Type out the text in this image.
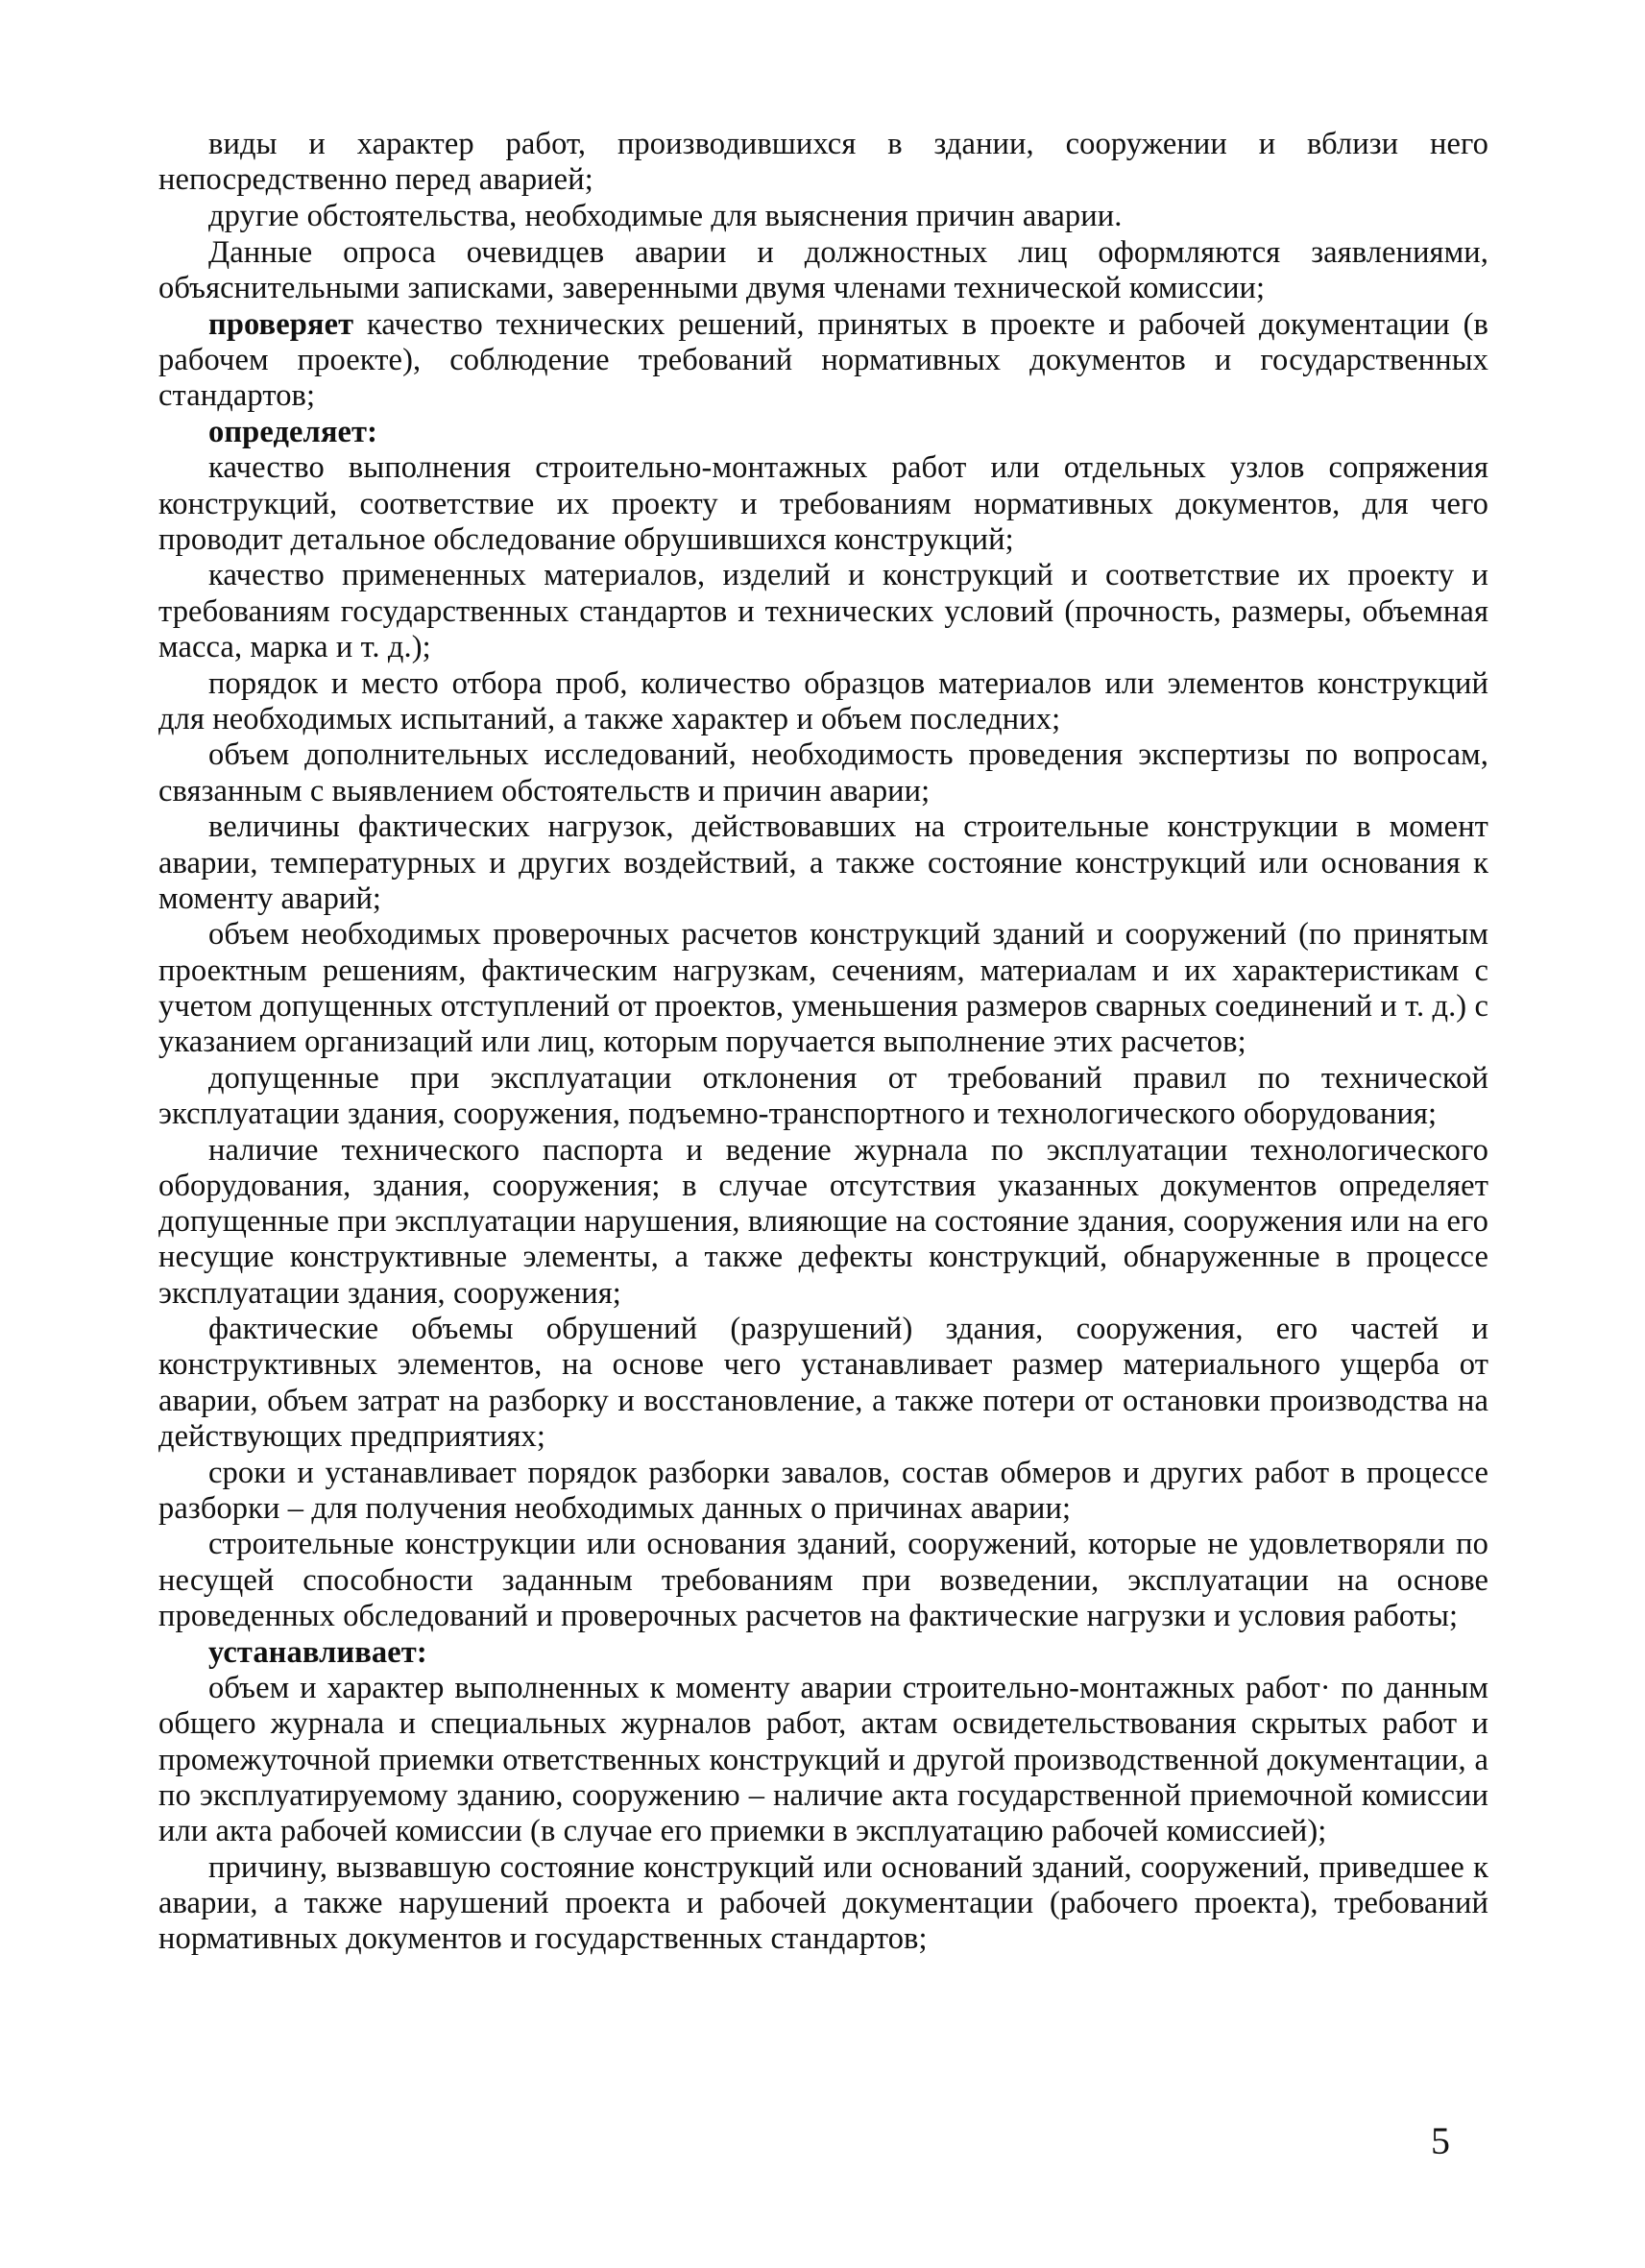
виды и характер работ, производившихся в здании, сооружении и вблизи него непосредственно перед аварией;

другие обстоятельства, необходимые для выяснения причин аварии.

Данные опроса очевидцев аварии и должностных лиц оформляются заявлениями, объяснительными записками, заверенными двумя членами технической комиссии;

проверяет качество технических решений, принятых в проекте и рабочей документации (в рабочем проекте), соблюдение требований нормативных документов и государственных стандартов;

определяет:

качество выполнения строительно-монтажных работ или отдельных узлов сопряжения конструкций, соответствие их проекту и требованиям нормативных документов, для чего проводит детальное обследование обрушившихся конструкций;

качество примененных материалов, изделий и конструкций и соответствие их проекту и требованиям государственных стандартов и технических условий (прочность, размеры, объемная масса, марка и т. д.);

порядок и место отбора проб, количество образцов материалов или элементов конструкций для необходимых испытаний, а также характер и объем последних;

объем дополнительных исследований, необходимость проведения экспертизы по вопросам, связанным с выявлением обстоятельств и причин аварии;

величины фактических нагрузок, действовавших на строительные конструкции в момент аварии, температурных и других воздействий, а также состояние конструкций или основания к моменту аварий;

объем необходимых проверочных расчетов конструкций зданий и сооружений (по принятым проектным решениям, фактическим нагрузкам, сечениям, материалам и их характеристикам с учетом допущенных отступлений от проектов, уменьшения размеров сварных соединений и т. д.) с указанием организаций или лиц, которым поручается выполнение этих расчетов;

допущенные при эксплуатации отклонения от требований правил по технической эксплуатации здания, сооружения, подъемно-транспортного и технологического оборудования;

наличие технического паспорта и ведение журнала по эксплуатации технологического оборудования, здания, сооружения; в случае отсутствия указанных документов определяет допущенные при эксплуатации нарушения, влияющие на состояние здания, сооружения или на его несущие конструктивные элементы, а также дефекты конструкций, обнаруженные в процессе эксплуатации здания, сооружения;

фактические объемы обрушений (разрушений) здания, сооружения, его частей и конструктивных элементов, на основе чего устанавливает размер материального ущерба от аварии, объем затрат на разборку и восстановление, а также потери от остановки производства на действующих предприятиях;

сроки и устанавливает порядок разборки завалов, состав обмеров и других работ в процессе разборки – для получения необходимых данных о причинах аварии;

строительные конструкции или основания зданий, сооружений, которые не удовлетворяли по несущей способности заданным требованиям при возведении, эксплуатации на основе проведенных обследований и проверочных расчетов на фактические нагрузки и условия работы;

устанавливает:

объем и характер выполненных к моменту аварии строительно-монтажных работ· по данным общего журнала и специальных журналов работ, актам освидетельствования скрытых работ и промежуточной приемки ответственных конструкций и другой производственной документации, а по эксплуатируемому зданию, сооружению – наличие акта государственной приемочной комиссии или акта рабочей комиссии (в случае его приемки в эксплуатацию рабочей комиссией);

причину, вызвавшую состояние конструкций или оснований зданий, сооружений, приведшее к аварии, а также нарушений проекта и рабочей документации (рабочего проекта), требований нормативных документов и государственных стандартов;

5
